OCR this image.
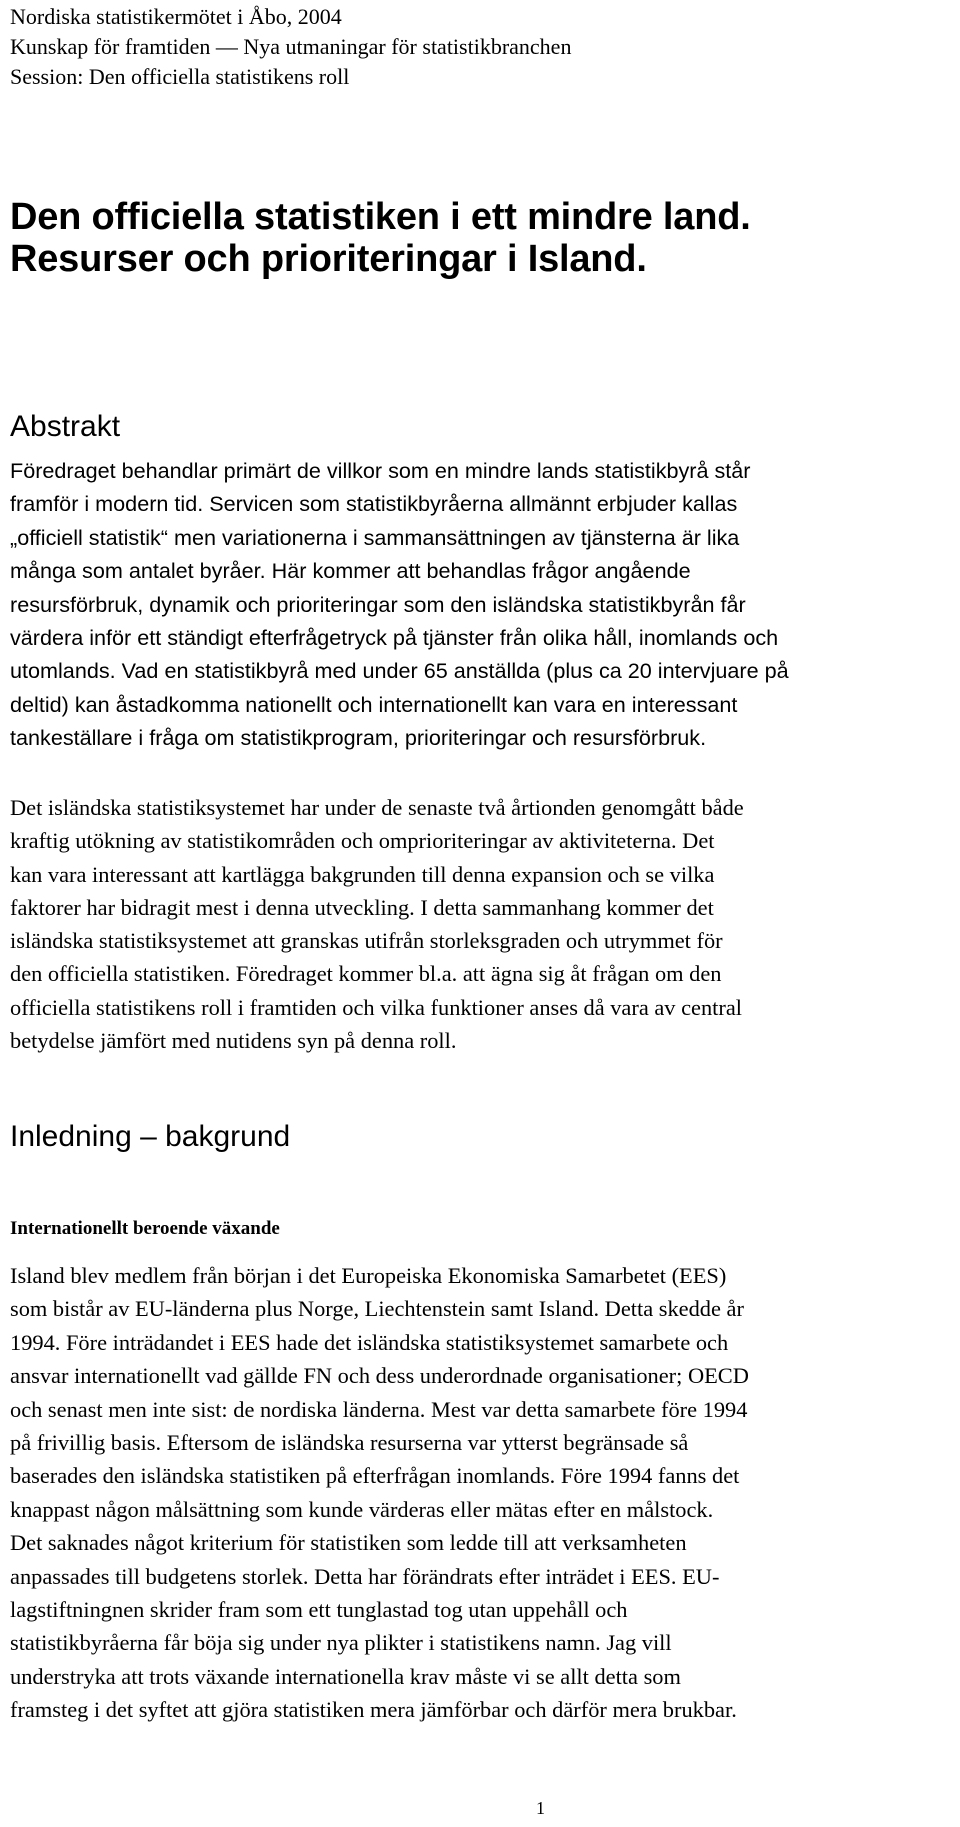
Nordiska statistikermötet i Åbo, 2004
Kunskap för framtiden — Nya utmaningar för statistikbranchen
Session: Den officiella statistikens roll
Den officiella statistiken i ett mindre land.
Resurser och prioriteringar i Island.
Abstrakt
Föredraget behandlar primärt de villkor som en mindre lands statistikbyrå står
framför i modern tid. Servicen som statistikbyråerna allmännt erbjuder kallas
„officiell statistik“ men variationerna i sammansättningen av tjänsterna är lika
många som antalet byråer. Här kommer att behandlas frågor angående
resursförbruk, dynamik och prioriteringar som den isländska statistikbyrån får
värdera inför ett ständigt efterfrågetryck på tjänster från olika håll, inomlands och
utomlands. Vad en statistikbyrå med under 65 anställda (plus ca 20 intervjuare på
deltid) kan åstadkomma nationellt och internationellt kan vara en interessant
tankeställare i fråga om statistikprogram, prioriteringar och resursförbruk.
Det isländska statistiksystemet har under de senaste två årtionden genomgått både
kraftig utökning av statistikområden och omprioriteringar av aktiviteterna. Det
kan vara interessant att kartlägga bakgrunden till denna expansion och se vilka
faktorer har bidragit mest i denna utveckling. I detta sammanhang kommer det
isländska statistiksystemet att granskas utifrån storleksgraden och utrymmet för
den officiella statistiken. Föredraget kommer bl.a. att ägna sig åt frågan om den
officiella statistikens roll i framtiden och vilka funktioner anses då vara av central
betydelse jämfört med nutidens syn på denna roll.
Inledning – bakgrund
Internationellt beroende växande
Island blev medlem från början i det Europeiska Ekonomiska Samarbetet (EES)
som bistår av EU-länderna plus Norge, Liechtenstein samt Island. Detta skedde år
1994. Före inträdandet i EES hade det isländska statistiksystemet samarbete och
ansvar internationellt vad gällde FN och dess underordnade organisationer; OECD
och senast men inte sist: de nordiska länderna. Mest var detta samarbete före 1994
på frivillig basis. Eftersom de isländska resurserna var ytterst begränsade så
baserades den isländska statistiken på efterfrågan inomlands. Före 1994 fanns det
knappast någon målsättning som kunde värderas eller mätas efter en målstock.
Det saknades något kriterium för statistiken som ledde till att verksamheten
anpassades till budgetens storlek. Detta har förändrats efter inträdet i EES. EU-
lagstiftningnen skrider fram som ett tunglastad tog utan uppehåll och
statistikbyråerna får böja sig under nya plikter i statistikens namn. Jag vill
understryka att trots växande internationella krav måste vi se allt detta som
framsteg i det syftet att gjöra statistiken mera jämförbar och därför mera brukbar.
1
